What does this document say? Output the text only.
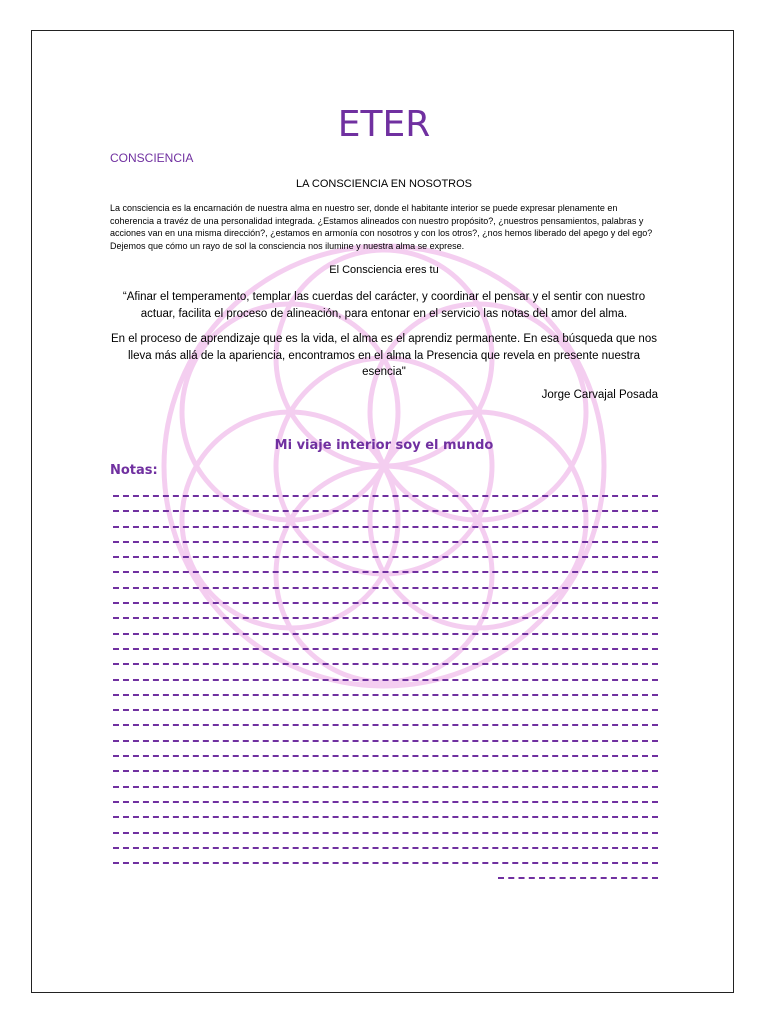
ETER
CONSCIENCIA
LA CONSCIENCIA EN NOSOTROS
La consciencia es la encarnación de nuestra alma en nuestro ser, donde el habitante interior se puede expresar plenamente en coherencia a travéz de una personalidad integrada. ¿Estamos alineados con nuestro propósito?, ¿nuestros pensamientos, palabras y acciones van en una misma dirección?, ¿estamos en armonía con nosotros y con los otros?, ¿nos hemos liberado del apego y del ego? Dejemos que cómo un rayo de sol la consciencia nos ilumine y nuestra alma se exprese.
El Consciencia eres tu
“Afinar el temperamento, templar las cuerdas del carácter, y coordinar el pensar y el sentir con nuestro actuar, facilita el proceso de alineación, para entonar en el servicio las notas del amor del alma.
En el proceso de aprendizaje que es la vida, el alma es el aprendiz permanente. En esa búsqueda que nos lleva más allá de la apariencia, encontramos en el alma la Presencia que revela en presente nuestra esencia"
Jorge Carvajal Posada
Mi viaje interior soy el mundo
Notas:
